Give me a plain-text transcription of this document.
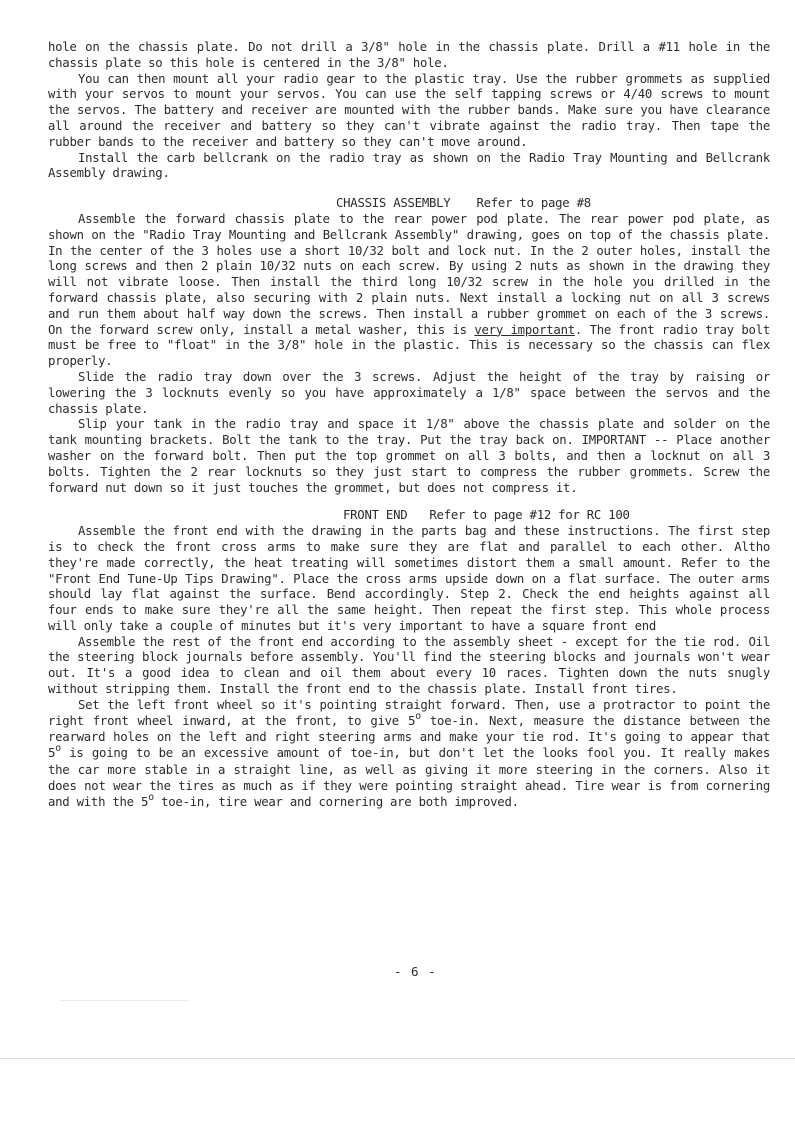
hole on the chassis plate. Do not drill a 3/8" hole in the chassis plate. Drill a #11 hole in the chassis plate so this hole is centered in the 3/8" hole.

You can then mount all your radio gear to the plastic tray. Use the rubber grommets as supplied with your servos to mount your servos. You can use the self tapping screws or 4/40 screws to mount the servos. The battery and receiver are mounted with the rubber bands. Make sure you have clearance all around the receiver and battery so they can't vibrate against the radio tray. Then tape the rubber bands to the receiver and battery so they can't move around.

Install the carb bellcrank on the radio tray as shown on the Radio Tray Mounting and Bellcrank Assembly drawing.

CHASSIS ASSEMBLY Refer to page #8

Assemble the forward chassis plate to the rear power pod plate. The rear power pod plate, as shown on the "Radio Tray Mounting and Bellcrank Assembly" drawing, goes on top of the chassis plate. In the center of the 3 holes use a short 10/32 bolt and lock nut. In the 2 outer holes, install the long screws and then 2 plain 10/32 nuts on each screw. By using 2 nuts as shown in the drawing they will not vibrate loose. Then install the third long 10/32 screw in the hole you drilled in the forward chassis plate, also securing with 2 plain nuts. Next install a locking nut on all 3 screws and run them about half way down the screws. Then install a rubber grommet on each of the 3 screws. On the forward screw only, install a metal washer, this is very important. The front radio tray bolt must be free to "float" in the 3/8" hole in the plastic. This is necessary so the chassis can flex properly.

Slide the radio tray down over the 3 screws. Adjust the height of the tray by raising or lowering the 3 locknuts evenly so you have approximately a 1/8" space between the servos and the chassis plate.

Slip your tank in the radio tray and space it 1/8" above the chassis plate and solder on the tank mounting brackets. Bolt the tank to the tray. Put the tray back on. IMPORTANT -- Place another washer on the forward bolt. Then put the top grommet on all 3 bolts, and then a locknut on all 3 bolts. Tighten the 2 rear locknuts so they just start to compress the rubber grommets. Screw the forward nut down so it just touches the grommet, but does not compress it.

FRONT END Refer to page #12 for RC 100

Assemble the front end with the drawing in the parts bag and these instructions. The first step is to check the front cross arms to make sure they are flat and parallel to each other. Altho they're made correctly, the heat treating will sometimes distort them a small amount. Refer to the "Front End Tune-Up Tips Drawing". Place the cross arms upside down on a flat surface. The outer arms should lay flat against the surface. Bend accordingly. Step 2. Check the end heights against all four ends to make sure they're all the same height. Then repeat the first step. This whole process will only take a couple of minutes but it's very important to have a square front end

Assemble the rest of the front end according to the assembly sheet - except for the tie rod. Oil the steering block journals before assembly. You'll find the steering blocks and journals won't wear out. It's a good idea to clean and oil them about every 10 races. Tighten down the nuts snugly without stripping them. Install the front end to the chassis plate. Install front tires.

Set the left front wheel so it's pointing straight forward. Then, use a protractor to point the right front wheel inward, at the front, to give 5$^o$ toe-in. Next, measure the distance between the rearward holes on the left and right steering arms and make your tie rod. It's going to appear that 5$^o$ is going to be an excessive amount of toe-in, but don't let the looks fool you. It really makes the car more stable in a straight line, as well as giving it more steering in the corners. Also it does not wear the tires as much as if they were pointing straight ahead. Tire wear is from cornering and with the 5$^o$ toe-in, tire wear and cornering are both improved.

- 6 -
